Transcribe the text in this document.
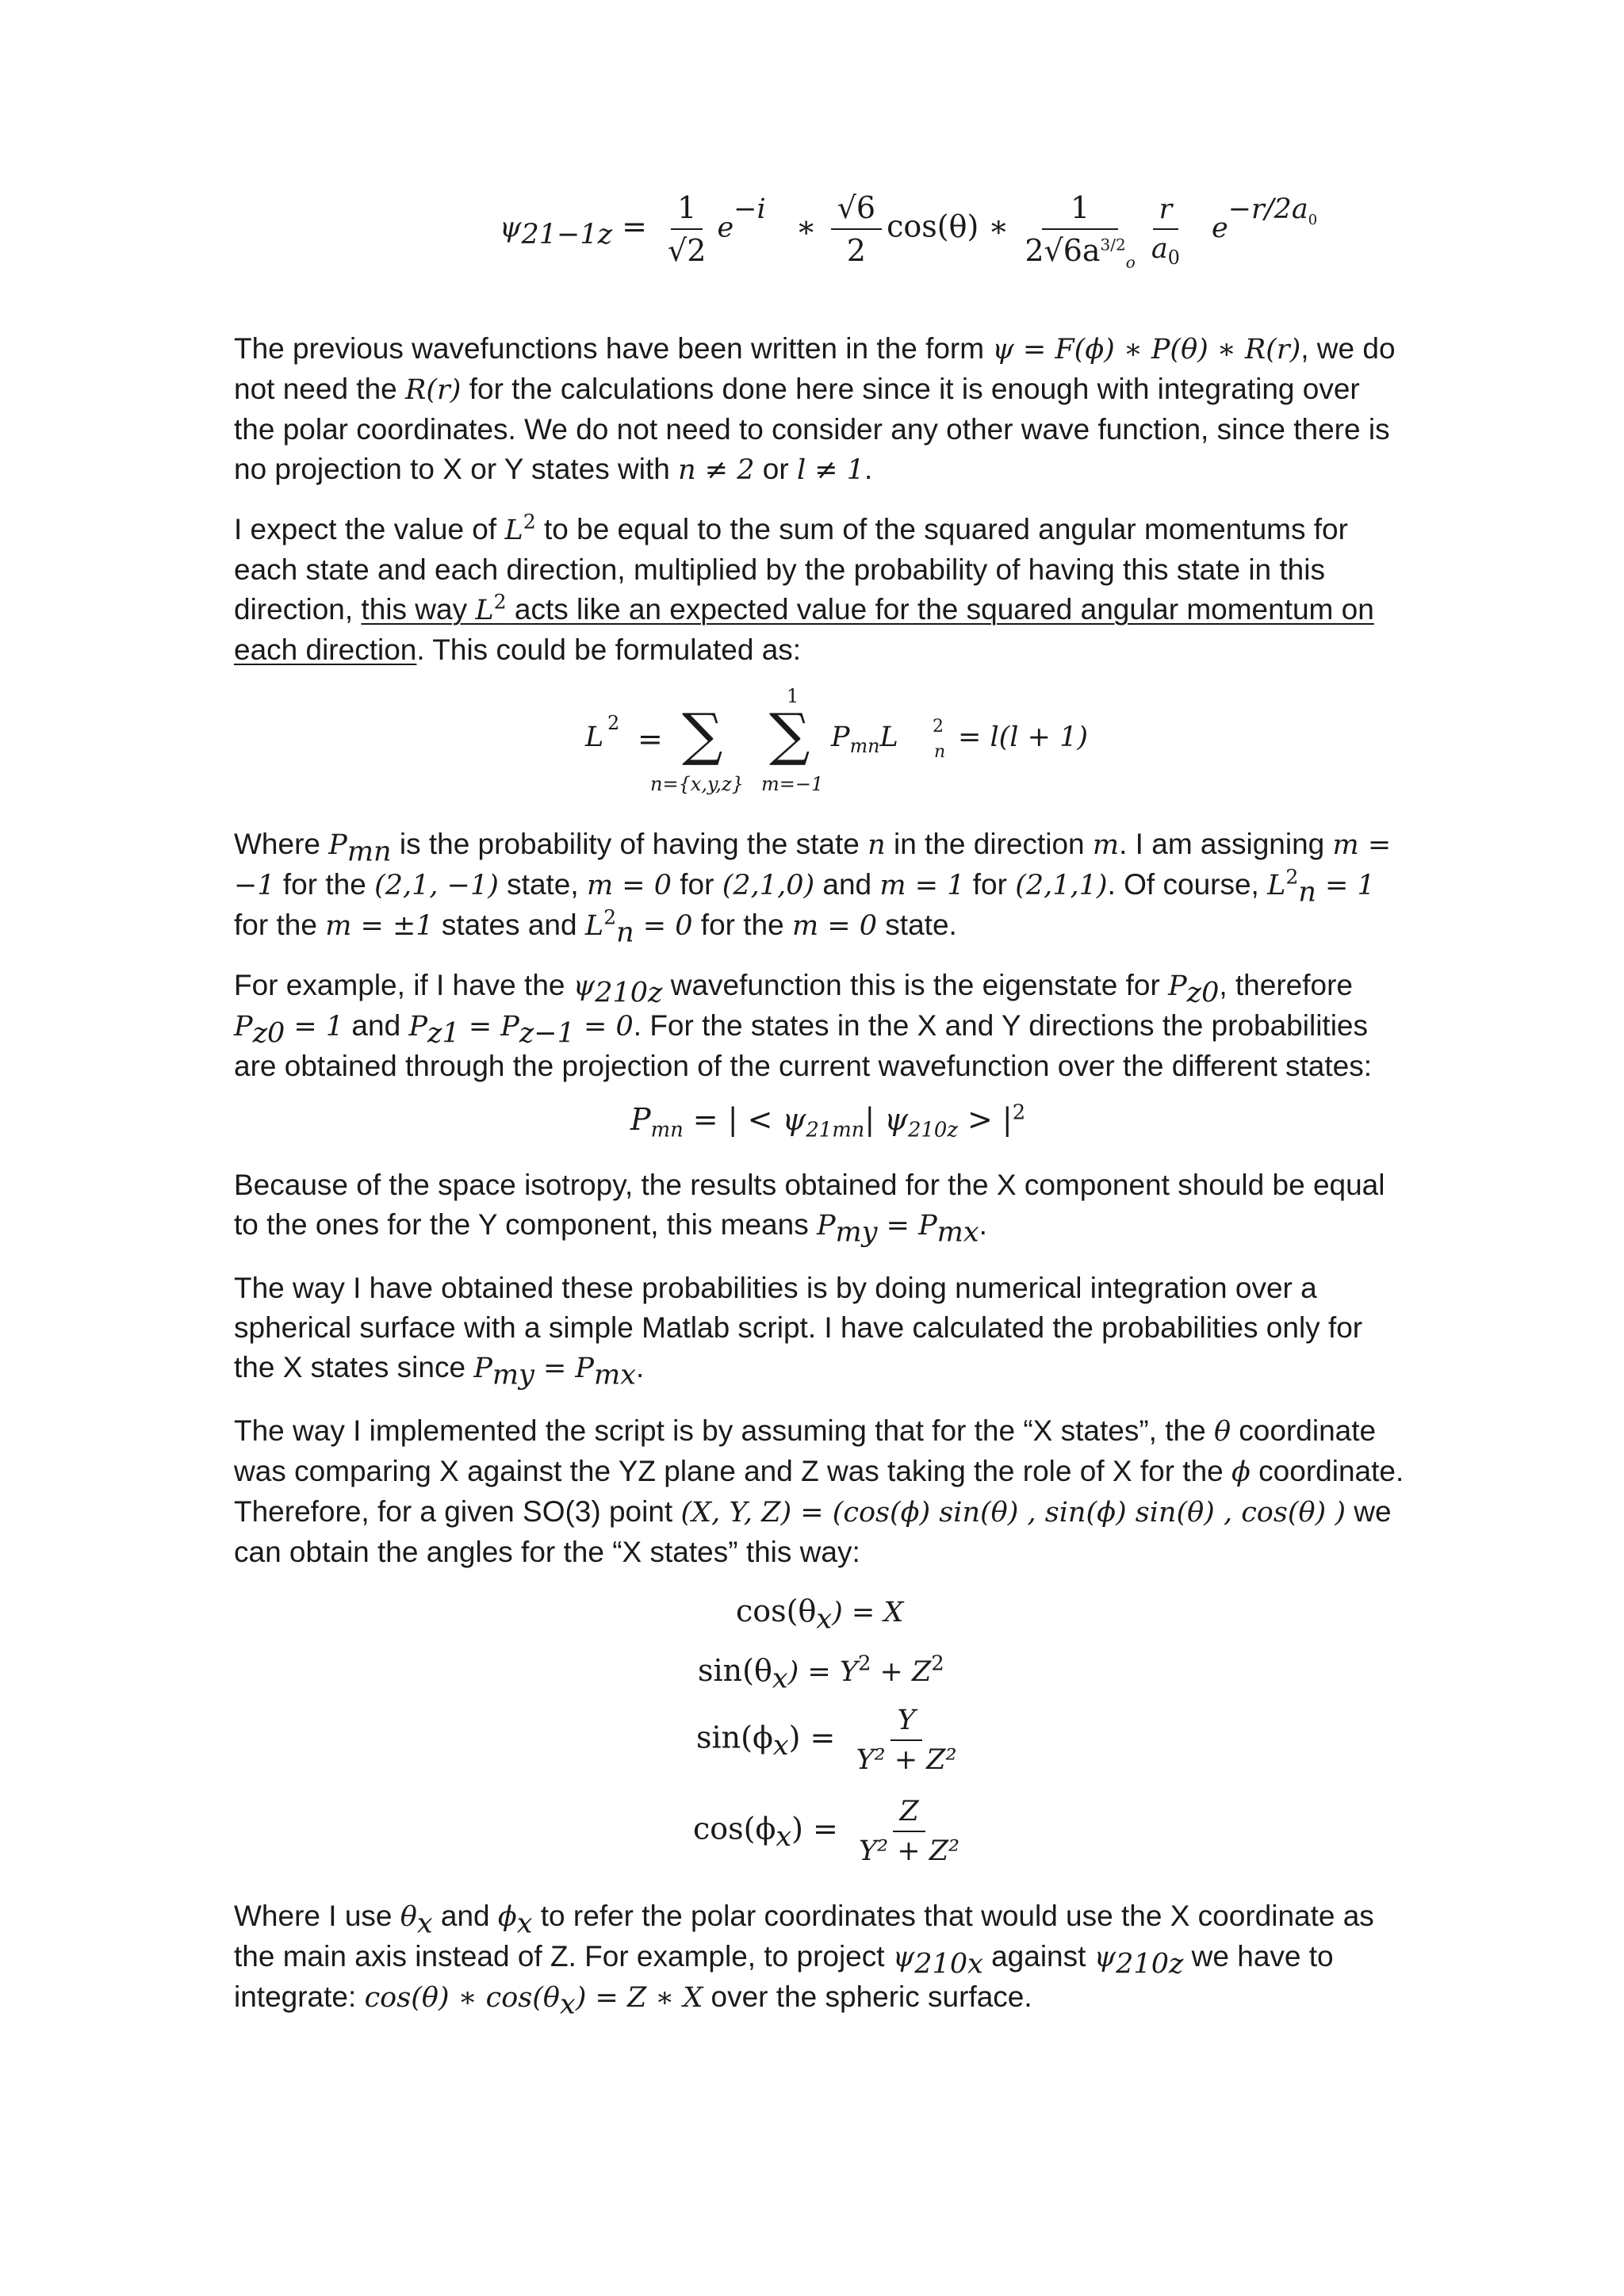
$\psi_{21-1z} = \frac{1}{√2} e^{-i}$ ∗ $\frac{√6}{2} \cos(\theta)$ ∗ $\frac{1}{2√6a^{3/2}_o}$
$\frac{r}{a_0} e^{-r/2a_0}$
The previous wavefunctions have been written in the form ψ = F(ϕ) ∗ P(θ) ∗ R(r), we do not need the R(r) for the calculations done here since it is enough with integrating over the polar coordinates. We do not need to consider any other wave function, since there is no projection to X or Y states with n ≠ 2 or l ≠ 1.
I expect the value of $L^2$ to be equal to the sum of the squared angular momentums for each state and each direction, multiplied by the probability of having this state in this direction, this way $L^2$ acts like an expected value for the squared angular momentum on each direction. This could be formulated as:
L 2 = ∑
n={x,y,z}
1
∑
m=−1
$P_{mn}L$ 2
n = l(l + 1)
Where $P_{mn}$ is the probability of having the state n in the direction m. I am assigning m = −1 for the (2,1, −1) state, m = 0 for (2,1,0) and m = 1 for (2,1,1). Of course, $L^2_n = 1$ for the m = ±1 states and $L^2_n = 0$ for the m = 0 state.
For example, if I have the $\psi_{210z}$ wavefunction this is the eigenstate for $P_{z0}$, therefore $P_{z0} = 1$ and $P_{z1} = P_{z-1} = 0$. For the states in the X and Y directions the probabilities are obtained through the projection of the current wavefunction over the different states:
$P_{mn}$ = | < $\psi_{21mn}|$ $\psi_{210z} > |^2$
Because of the space isotropy, the results obtained for the X component should be equal to the ones for the Y component, this means $P_{my} = P_{mx}$.
The way I have obtained these probabilities is by doing numerical integration over a spherical surface with a simple Matlab script. I have calculated the probabilities only for the X states since $P_{my} = P_{mx}$.
The way I implemented the script is by assuming that for the “X states”, the θ coordinate was comparing X against the YZ plane and Z was taking the role of X for the ϕ coordinate. Therefore, for a given SO(3) point (X, Y, Z) = (cos(ϕ) sin(θ) , sin(ϕ) sin(θ) , cos(θ) ) we can obtain the angles for the “X states” this way:
$\cos(\theta_x) = X$
$\sin(\theta_x) = Y^2 + Z^2$
$\sin(\phi_x) = \frac{Y}{\text{Y² + Z²}}$
$\cos(\phi_x) = \frac{Z}{\text{Y² + Z²}}$
Where I use $\theta_x$ and $\phi_x$ to refer the polar coordinates that would use the X coordinate as the main axis instead of Z. For example, to project $\psi_{210x}$ against $\psi_{210z}$ we have to integrate: cos(θ) ∗ $\cos(\theta_x) = Z$ ∗ X over the spheric surface.
